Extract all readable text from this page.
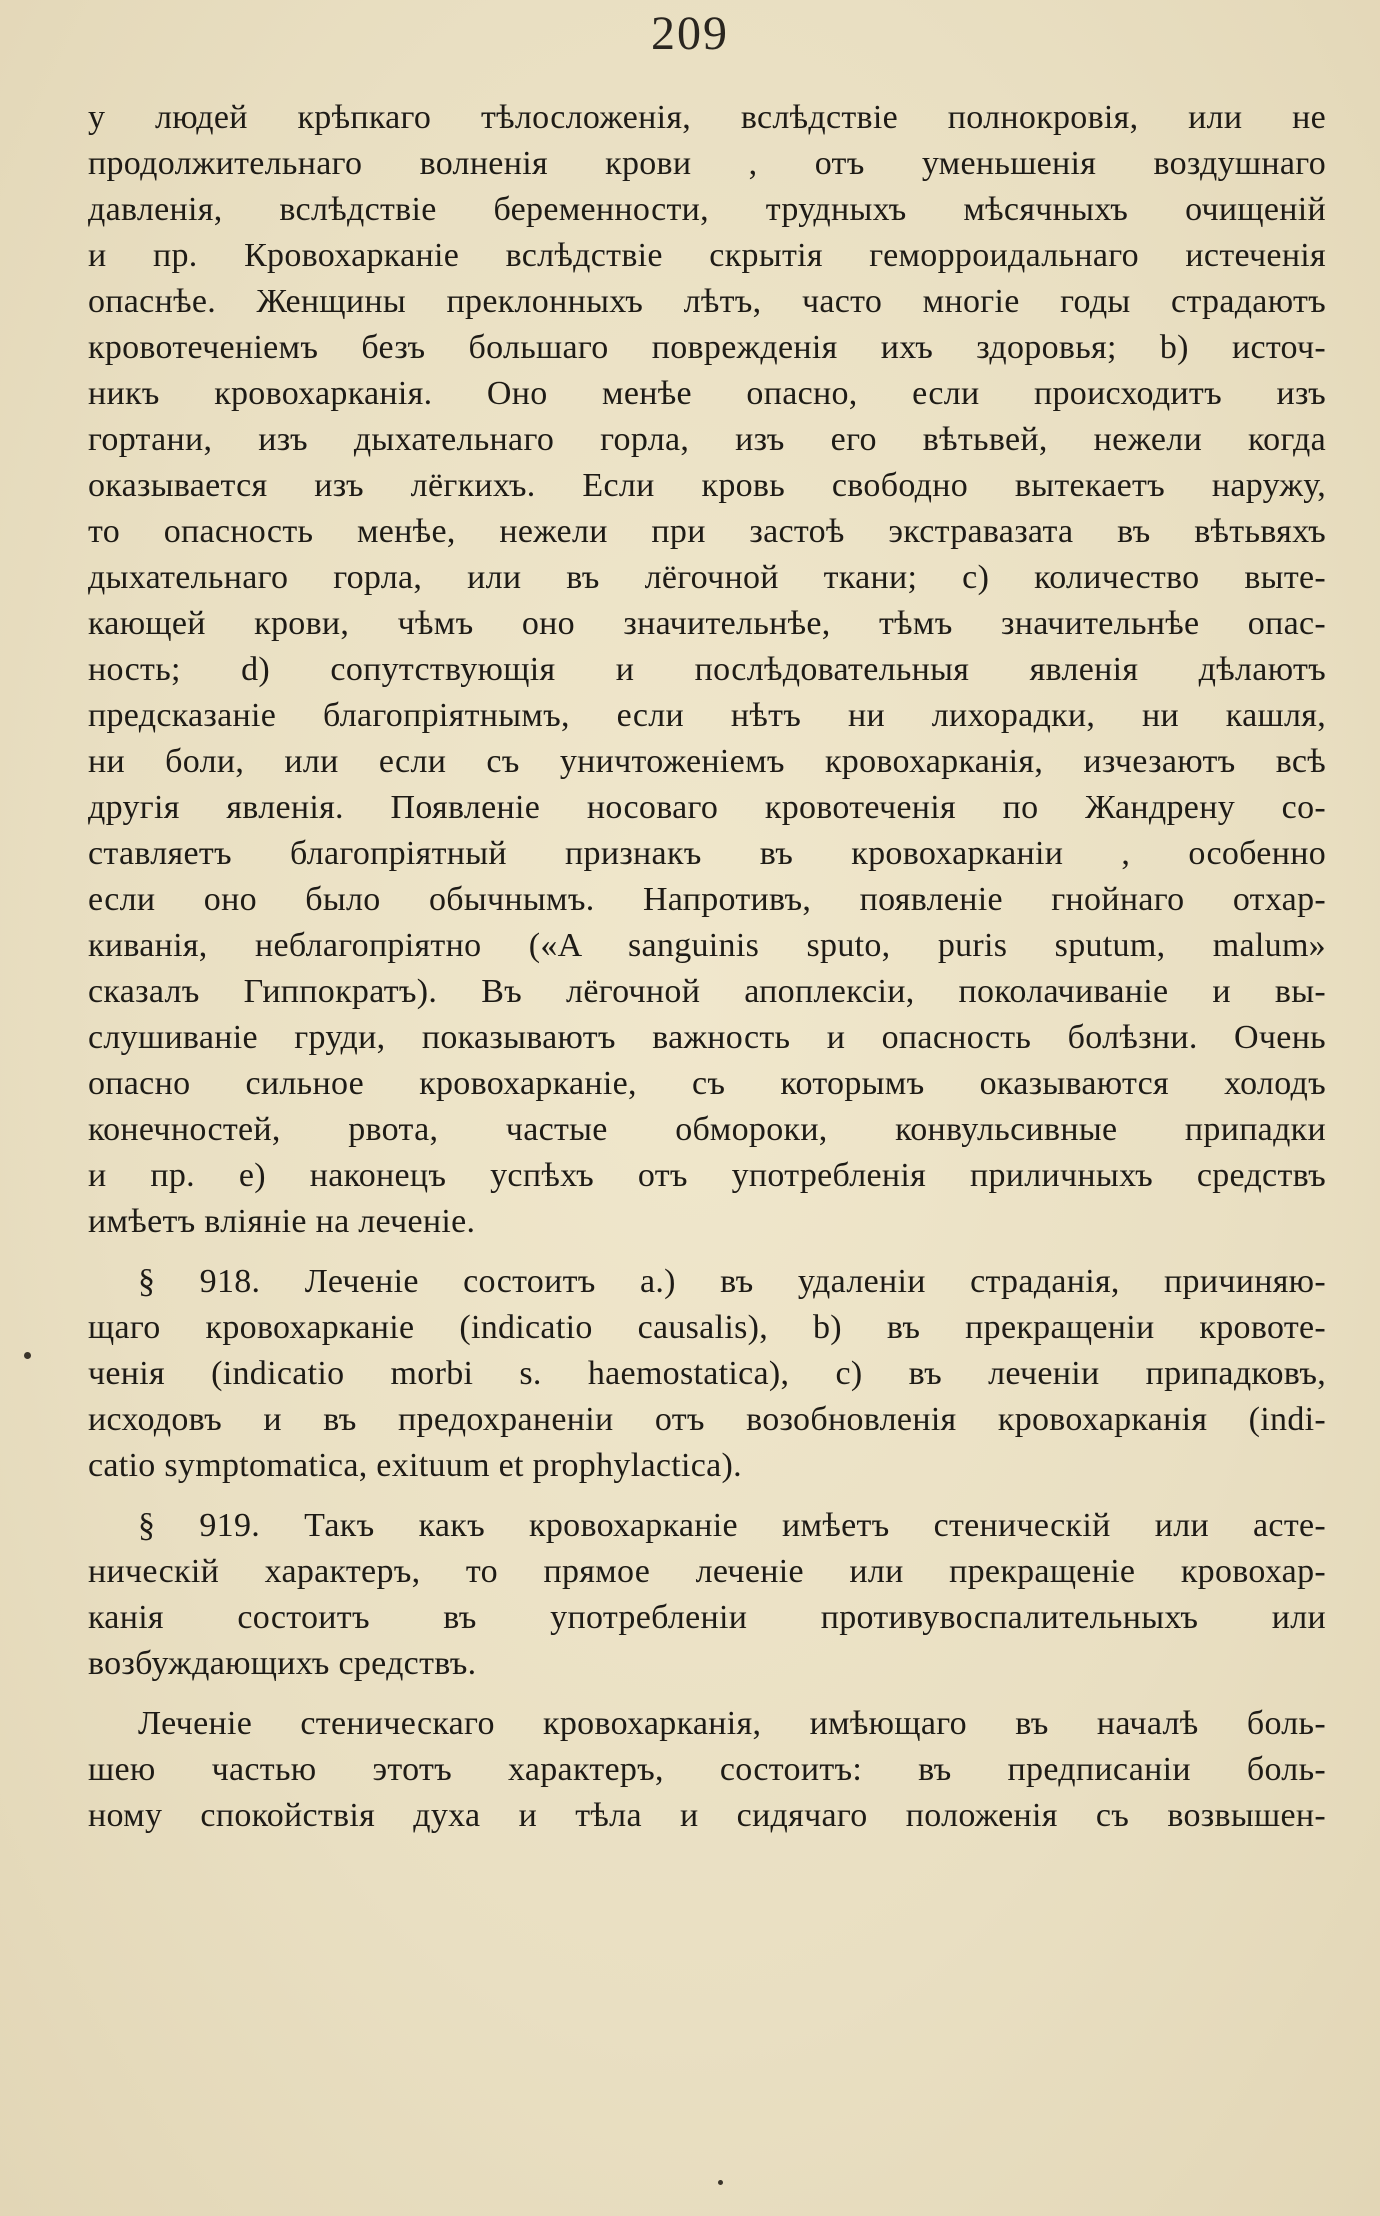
209
у людей крѣпкаго тѣлосложенія, вслѣдствіе полнокровія, или не
продолжительнаго волненія крови , отъ уменьшенія воздушнаго
давленія, вслѣдствіе беременности, трудныхъ мѣсячныхъ очищеній
и пр. Кровохарканіе вслѣдствіе скрытія геморроидальнаго истеченія
опаснѣе. Женщины преклонныхъ лѣтъ, часто многіе годы страдаютъ
кровотеченіемъ безъ большаго поврежденія ихъ здоровья; b) источ-
никъ кровохарканія. Оно менѣе опасно, если происходитъ изъ
гортани, изъ дыхательнаго горла, изъ его вѣтьвей, нежели когда
оказывается изъ лёгкихъ. Если кровь свободно вытекаетъ наружу,
то опасность менѣе, нежели при застоѣ экстравазата въ вѣтьвяхъ
дыхательнаго горла, или въ лёгочной ткани; c) количество выте-
кающей крови, чѣмъ оно значительнѣе, тѣмъ значительнѣе опас-
ность; d) сопутствующія и послѣдовательныя явленія дѣлаютъ
предсказаніе благопріятнымъ, если нѣтъ ни лихорадки, ни кашля,
ни боли, или если съ уничтоженіемъ кровохарканія, изчезаютъ всѣ
другія явленія. Появленіе носоваго кровотеченія по Жандрену со-
ставляетъ благопріятный признакъ въ кровохарканіи , особенно
если оно было обычнымъ. Напротивъ, появленіе гнойнаго отхар-
киванія, неблагопріятно («A sanguinis sputo, puris sputum, malum»
сказалъ Гиппократъ). Въ лёгочной апоплексіи, поколачиваніе и вы-
слушиваніе груди, показываютъ важность и опасность болѣзни. Очень
опасно сильное кровохарканіе, съ которымъ оказываются холодъ
конечностей, рвота, частые обмороки, конвульсивные припадки
и пр. e) наконецъ успѣхъ отъ употребленія приличныхъ средствъ
имѣетъ вліяніе на леченіе.
§ 918. Леченіе состоитъ a.) въ удаленіи страданія, причиняю-
щаго кровохарканіе (indicatio causalis), b) въ прекращеніи кровоте-
ченія (indicatio morbi s. haemostatica), c) въ леченіи припадковъ,
исходовъ и въ предохраненіи отъ возобновленія кровохарканія (indi-
catio symptomatica, exituum et prophylactica).
§ 919. Такъ какъ кровохарканіе имѣетъ стеническій или асте-
ническій характеръ, то прямое леченіе или прекращеніе кровохар-
канія состоитъ въ употребленіи противувоспалительныхъ или
возбуждающихъ средствъ.
Леченіе стеническаго кровохарканія, имѣющаго въ началѣ боль-
шею частью этотъ характеръ, состоитъ: въ предписаніи боль-
ному спокойствія духа и тѣла и сидячаго положенія съ возвышен-
